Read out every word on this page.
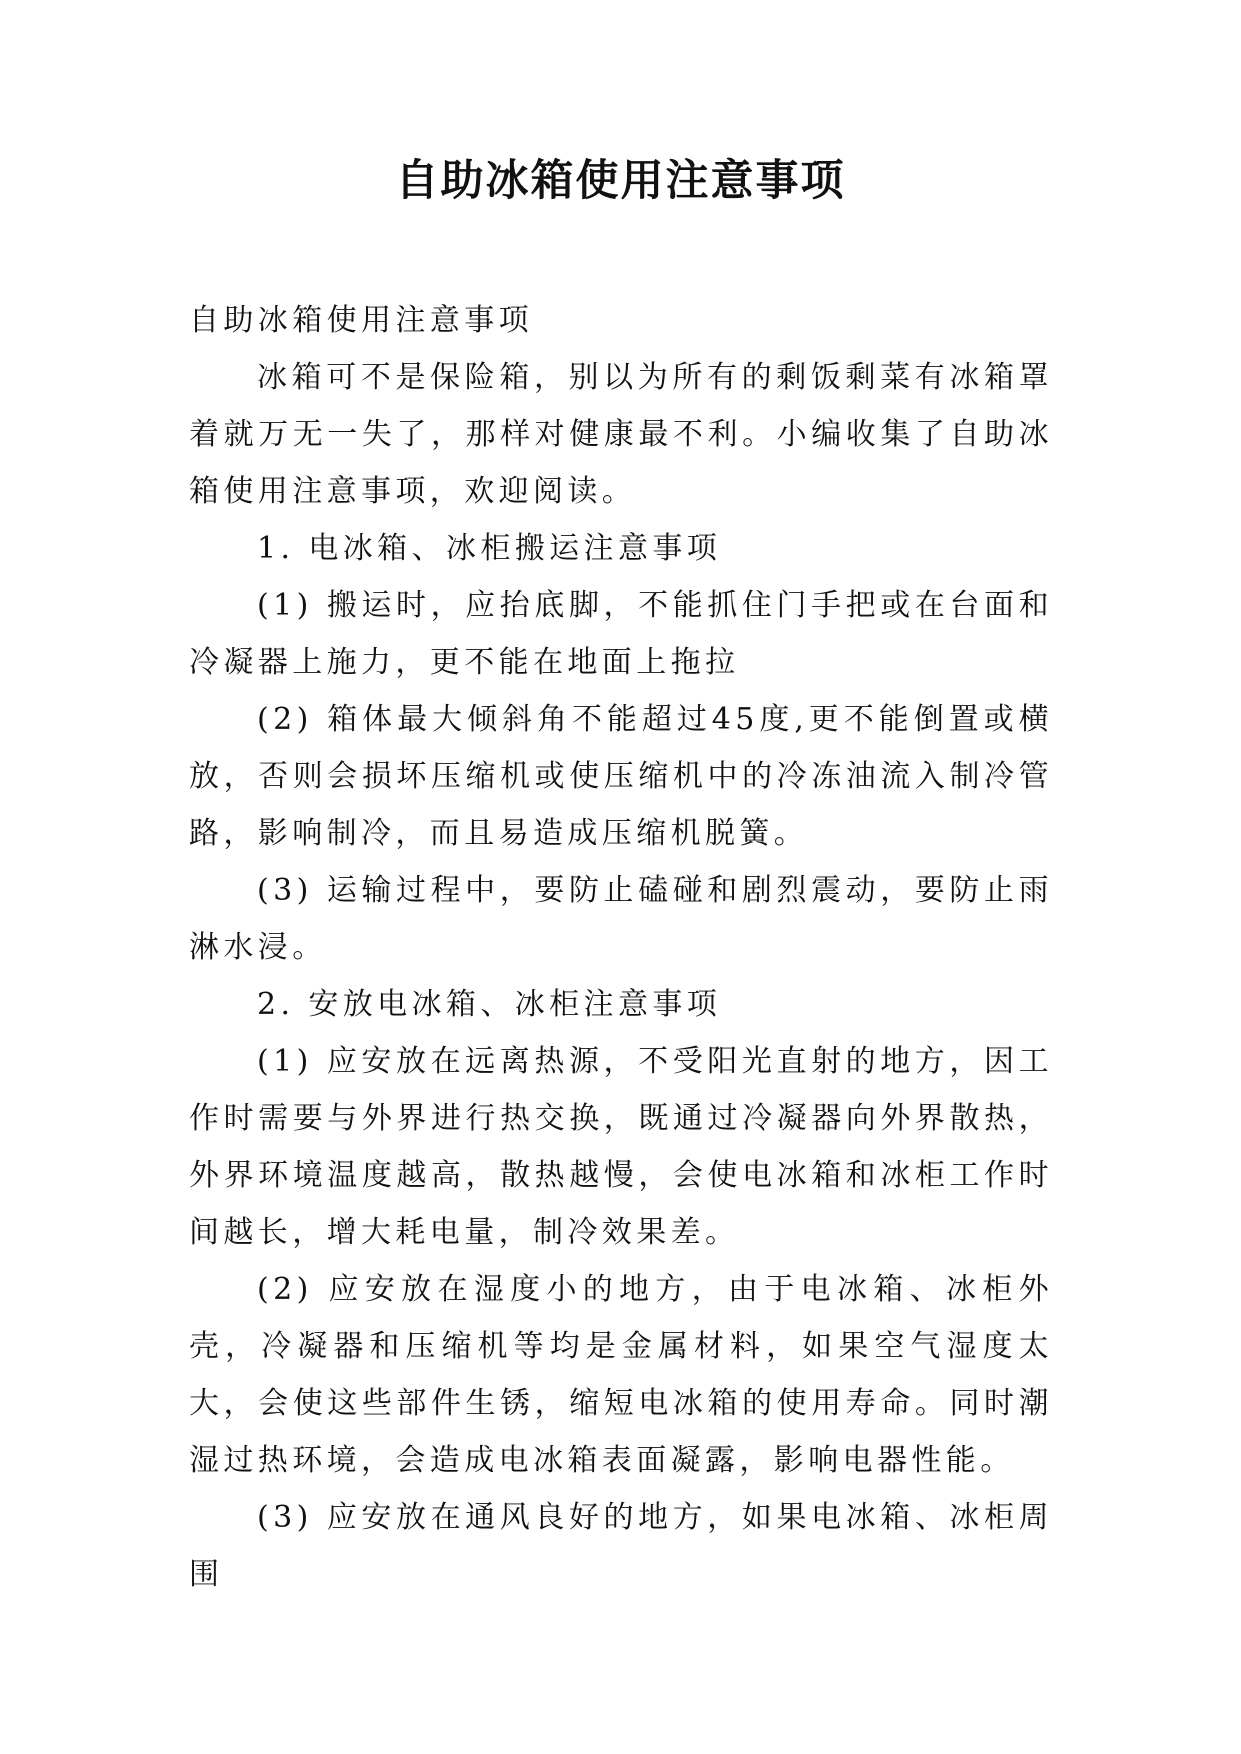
自助冰箱使用注意事项

自助冰箱使用注意事项

冰箱可不是保险箱，别以为所有的剩饭剩菜有冰箱罩着就万无一失了，那样对健康最不利。小编收集了自助冰箱使用注意事项，欢迎阅读。

1. 电冰箱、冰柜搬运注意事项

(1) 搬运时，应抬底脚，不能抓住门手把或在台面和冷凝器上施力，更不能在地面上拖拉

(2) 箱体最大倾斜角不能超过45度,更不能倒置或横放，否则会损坏压缩机或使压缩机中的冷冻油流入制冷管路，影响制冷，而且易造成压缩机脱簧。

(3) 运输过程中，要防止磕碰和剧烈震动，要防止雨淋水浸。

2. 安放电冰箱、冰柜注意事项

(1) 应安放在远离热源，不受阳光直射的地方，因工作时需要与外界进行热交换，既通过冷凝器向外界散热，外界环境温度越高，散热越慢，会使电冰箱和冰柜工作时间越长，增大耗电量，制冷效果差。

(2) 应安放在湿度小的地方，由于电冰箱、冰柜外壳，冷凝器和压缩机等均是金属材料，如果空气湿度太大，会使这些部件生锈，缩短电冰箱的使用寿命。同时潮湿过热环境，会造成电冰箱表面凝露，影响电器性能。

(3) 应安放在通风良好的地方，如果电冰箱、冰柜周围
